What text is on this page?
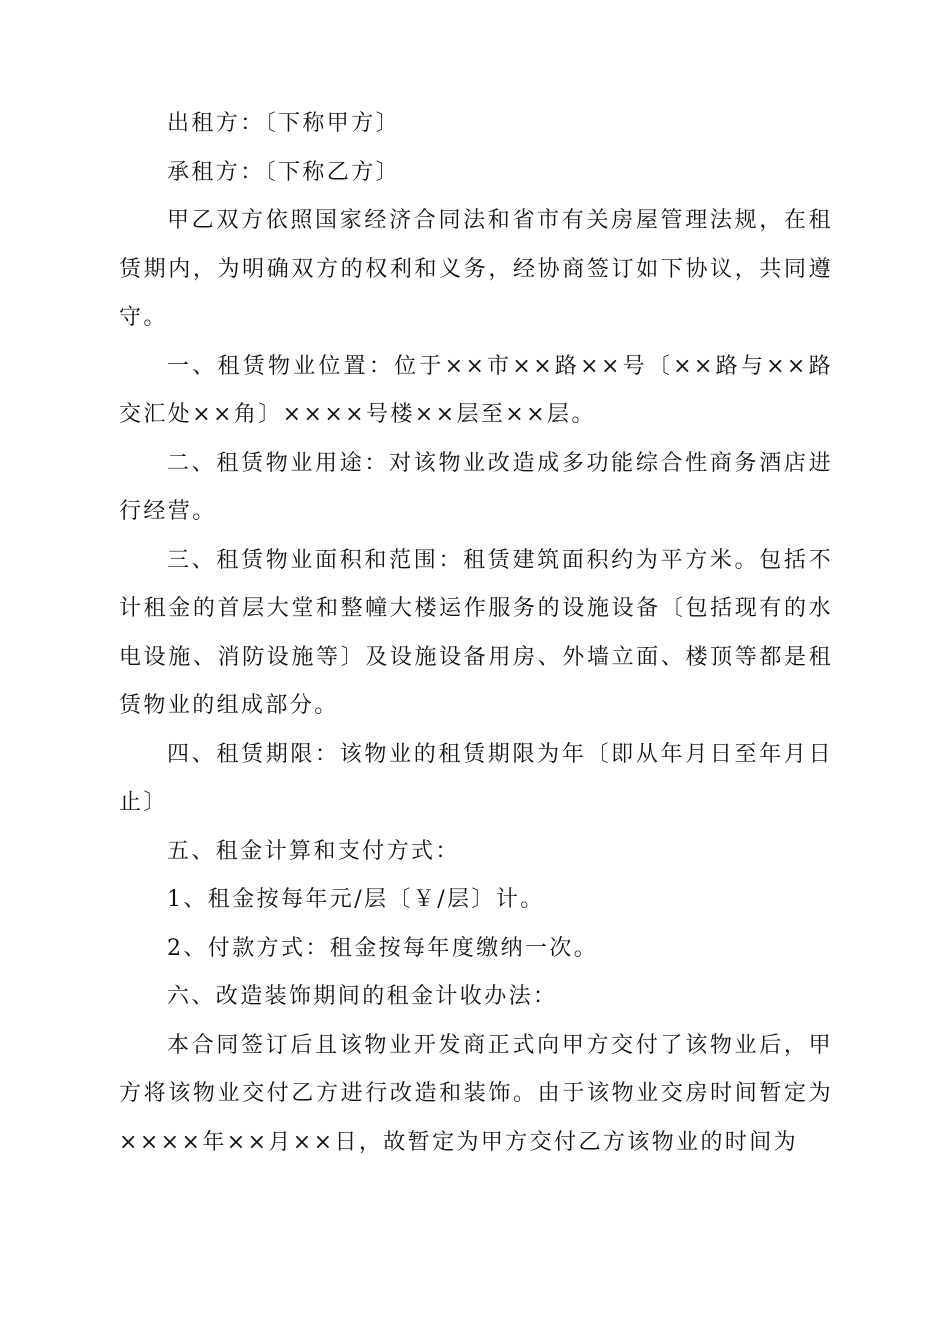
出租方：〔下称甲方〕

承租方：〔下称乙方〕

甲乙双方依照国家经济合同法和省市有关房屋管理法规，在租赁期内，为明确双方的权利和义务，经协商签订如下协议，共同遵守。

一、租赁物业位置：位于××市××路××号〔××路与××路交汇处××角〕××××号楼××层至××层。

二、租赁物业用途：对该物业改造成多功能综合性商务酒店进行经营。

三、租赁物业面积和范围：租赁建筑面积约为平方米。包括不计租金的首层大堂和整幢大楼运作服务的设施设备〔包括现有的水电设施、消防设施等〕及设施设备用房、外墙立面、楼顶等都是租赁物业的组成部分。

四、租赁期限：该物业的租赁期限为年〔即从年月日至年月日止〕

五、租金计算和支付方式：

1、租金按每年元/层〔￥/层〕计。

2、付款方式：租金按每年度缴纳一次。

六、改造装饰期间的租金计收办法：

本合同签订后且该物业开发商正式向甲方交付了该物业后，甲方将该物业交付乙方进行改造和装饰。由于该物业交房时间暂定为××××年××月××日，故暂定为甲方交付乙方该物业的时间为
